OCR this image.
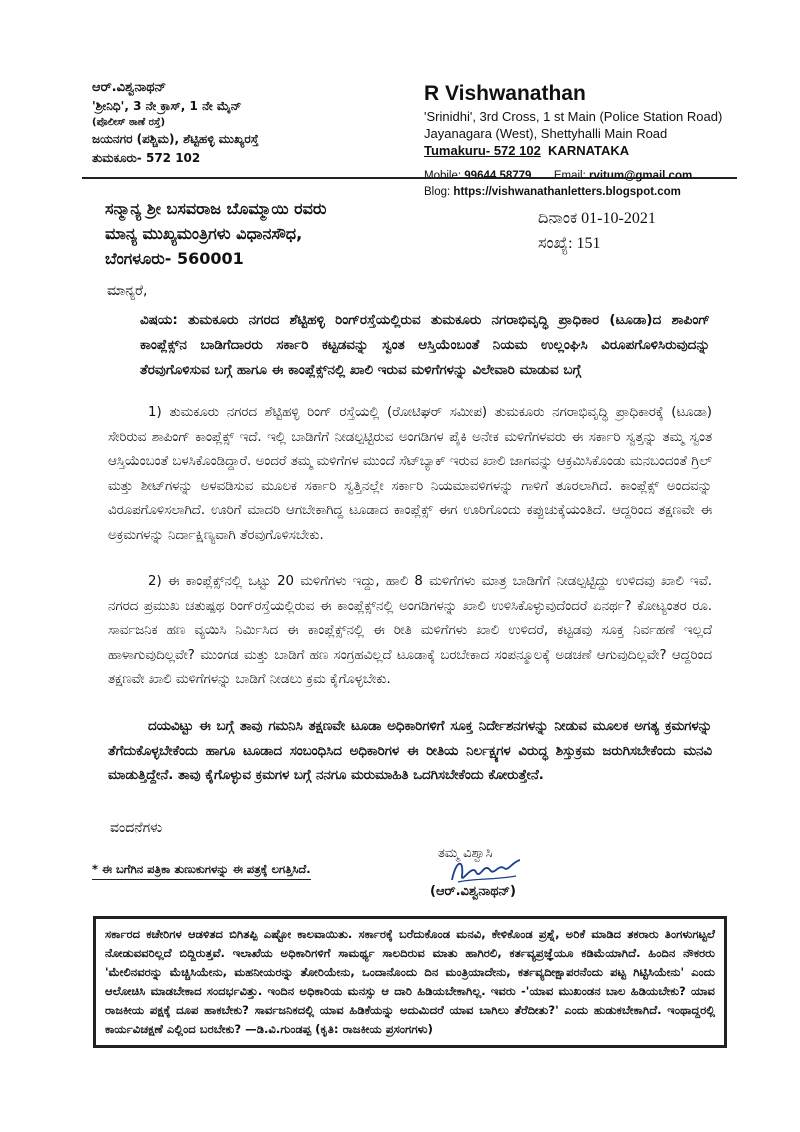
ಆರ್.ವಿಶ್ವನಾಥನ್
'ಶ್ರೀನಿಧಿ', 3 ನೇ ಕ್ರಾಸ್, 1 ನೇ ಮೈನ್
(ಪೊಲೀಸ್ ಠಾಣೆ ರಸ್ತೆ)
ಜಯನಗರ (ಪಶ್ಚಿಮ), ಶೆಟ್ಟಿಹಳ್ಳಿ ಮುಖ್ಯರಸ್ತೆ
ತುಮಕೂರು- 572 102
R Vishwanathan
'Srinidhi', 3rd Cross, 1 st Main (Police Station Road)
Jayanagara (West), Shettyhalli Main Road
Tumakuru- 572 102 KARNATAKA
Mobile: 99644 58779 Email: rvitum@gmail.com
Blog: https://vishwanathanletters.blogspot.com
ಸನ್ಮಾನ್ಯ ಶ್ರೀ ಬಸವರಾಜ ಬೊಮ್ಮಾಯಿ ರವರು
ಮಾನ್ಯ ಮುಖ್ಯಮಂತ್ರಿಗಳು ವಿಧಾನಸೌಧ,
ಬೆಂಗಳೂರು- 560001
ದಿನಾಂಕ 01-10-2021
ಸಂಖ್ಯೆ: 151
ಮಾನ್ಯರೆ,
ವಿಷಯ: ತುಮಕೂರು ನಗರದ ಶೆಟ್ಟಿಹಳ್ಳಿ ರಿಂಗ್‌ರಸ್ತೆಯಲ್ಲಿರುವ ತುಮಕೂರು ನಗರಾಭಿವೃದ್ಧಿ ಪ್ರಾಧಿಕಾರ (ಟೂಡಾ)ದ ಶಾಪಿಂಗ್ ಕಾಂಪ್ಲೆಕ್ಸ್‌ನ ಬಾಡಿಗೆದಾರರು ಸರ್ಕಾರಿ ಕಟ್ಟಡವನ್ನು ಸ್ವಂತ ಆಸ್ತಿಯೆಂಬಂತೆ ನಿಯಮ ಉಲ್ಲಂಘಿಸಿ ವಿರೂಪಗೊಳಿಸಿರುವುದನ್ನು ತೆರವುಗೊಳಿಸುವ ಬಗ್ಗೆ ಹಾಗೂ ಈ ಕಾಂಪ್ಲೆಕ್ಸ್‌ನಲ್ಲಿ ಖಾಲಿ ಇರುವ ಮಳಿಗೆಗಳನ್ನು ವಿಲೇವಾರಿ ಮಾಡುವ ಬಗ್ಗೆ
1) ತುಮಕೂರು ನಗರದ ಶೆಟ್ಟಿಹಳ್ಳಿ ರಿಂಗ್ ರಸ್ತೆಯಲ್ಲಿ (ರೋಟಿಘರ್ ಸಮೀಪ) ತುಮಕೂರು ನಗರಾಭಿವೃದ್ಧಿ ಪ್ರಾಧಿಕಾರಕ್ಕೆ (ಟೂಡಾ) ಸೇರಿರುವ ಶಾಪಿಂಗ್ ಕಾಂಪ್ಲೆಕ್ಸ್ ಇದೆ. ಇಲ್ಲಿ ಬಾಡಿಗೆಗೆ ನೀಡಲ್ಪಟ್ಟಿರುವ ಅಂಗಡಿಗಳ ಪೈಕಿ ಅನೇಕ ಮಳಿಗೆಗಳವರು ಈ ಸರ್ಕಾರಿ ಸ್ವತ್ತನ್ನು ತಮ್ಮ ಸ್ವಂತ ಆಸ್ತಿಯೆಂಬಂತೆ ಬಳಸಿಕೊಂಡಿದ್ದಾರೆ. ಅಂದರೆ ತಮ್ಮ ಮಳಿಗೆಗಳ ಮುಂದೆ ಸೆಟ್‌ಬ್ಯಾಕ್ ಇರುವ ಖಾಲಿ ಜಾಗವನ್ನು ಆಕ್ರಮಿಸಿಕೊಂಡು ಮನಬಂದಂತೆ ಗ್ರಿಲ್ ಮತ್ತು ಶೀಟ್‌ಗಳನ್ನು ಅಳವಡಿಸುವ ಮೂಲಕ ಸರ್ಕಾರಿ ಸ್ವತ್ತಿನಲ್ಲೇ ಸರ್ಕಾರಿ ನಿಯಮಾವಳಿಗಳನ್ನು ಗಾಳಿಗೆ ತೂರಲಾಗಿದೆ. ಕಾಂಪ್ಲೆಕ್ಸ್ ಅಂದವನ್ನು ವಿರೂಪಗೊಳಿಸಲಾಗಿದೆ. ಊರಿಗೆ ಮಾದರಿ ಆಗಬೇಕಾಗಿದ್ದ ಟೂಡಾದ ಕಾಂಪ್ಲೆಕ್ಸ್ ಈಗ ಊರಿಗೊಂದು ಕಪ್ಪುಚುಕ್ಕೆಯಂತಿದೆ. ಆದ್ದರಿಂದ ತಕ್ಷಣವೇ ಈ ಅಕ್ರಮಗಳನ್ನು ನಿರ್ದಾಕ್ಷಿಣ್ಯವಾಗಿ ತೆರವುಗೊಳಿಸಬೇಕು.
2) ಈ ಕಾಂಪ್ಲೆಕ್ಸ್‌ನಲ್ಲಿ ಒಟ್ಟು 20 ಮಳಿಗೆಗಳು ಇದ್ದು, ಹಾಲಿ 8 ಮಳಿಗೆಗಳು ಮಾತ್ರ ಬಾಡಿಗೆಗೆ ನೀಡಲ್ಪಟ್ಟಿದ್ದು ಉಳಿದವು ಖಾಲಿ ಇವೆ. ನಗರದ ಪ್ರಮುಖ ಚತುಷ್ಪಥ ರಿಂಗ್‌ರಸ್ತೆಯಲ್ಲಿರುವ ಈ ಕಾಂಪ್ಲೆಕ್ಸ್‌ನಲ್ಲಿ ಅಂಗಡಿಗಳನ್ನು ಖಾಲಿ ಉಳಿಸಿಕೊಳ್ಳುವುದೆಂದರೆ ಏನರ್ಥ? ಕೋಟ್ಯಂತರ ರೂ. ಸಾರ್ವಜನಿಕ ಹಣ ವ್ಯಯಿಸಿ ನಿರ್ಮಿಸಿದ ಈ ಕಾಂಪ್ಲೆಕ್ಸ್‌ನಲ್ಲಿ ಈ ರೀತಿ ಮಳಿಗೆಗಳು ಖಾಲಿ ಉಳಿದರೆ, ಕಟ್ಟಡವು ಸೂಕ್ತ ನಿರ್ವಹಣೆ ಇಲ್ಲದೆ ಹಾಳಾಗುವುದಿಲ್ಲವೇ? ಮುಂಗಡ ಮತ್ತು ಬಾಡಿಗೆ ಹಣ ಸಂಗ್ರಹವಿಲ್ಲದೆ ಟೂಡಾಕ್ಕೆ ಬರಬೇಕಾದ ಸಂಪನ್ಮೂಲಕ್ಕೆ ಅಡಚಣೆ ಆಗುವುದಿಲ್ಲವೇ? ಆದ್ದರಿಂದ ತಕ್ಷಣವೇ ಖಾಲಿ ಮಳಿಗೆಗಳನ್ನು ಬಾಡಿಗೆ ನೀಡಲು ಕ್ರಮ ಕೈಗೊಳ್ಳಬೇಕು.
ದಯವಿಟ್ಟು ಈ ಬಗ್ಗೆ ತಾವು ಗಮನಿಸಿ ತಕ್ಷಣವೇ ಟೂಡಾ ಅಧಿಕಾರಿಗಳಿಗೆ ಸೂಕ್ತ ನಿರ್ದೇಶನಗಳನ್ನು ನೀಡುವ ಮೂಲಕ ಅಗತ್ಯ ಕ್ರಮಗಳನ್ನು ತೆಗೆದುಕೊಳ್ಳಬೇಕೆಂದು ಹಾಗೂ ಟೂಡಾದ ಸಂಬಂಧಿಸಿದ ಅಧಿಕಾರಿಗಳ ಈ ರೀತಿಯ ನಿರ್ಲಕ್ಷ್ಯಗಳ ವಿರುದ್ಧ ಶಿಸ್ತುಕ್ರಮ ಜರುಗಿಸಬೇಕೆಂದು ಮನವಿ ಮಾಡುತ್ತಿದ್ದೇನೆ. ತಾವು ಕೈಗೊಳ್ಳುವ ಕ್ರಮಗಳ ಬಗ್ಗೆ ನನಗೂ ಮರುಮಾಹಿತಿ ಒದಗಿಸಬೇಕೆಂದು ಕೋರುತ್ತೇನೆ.
ವಂದನೆಗಳು
ತಮ್ಮ ವಿಶ್ವಾಸಿ
* ಈ ಬಗೆಗಿನ ಪತ್ರಿಕಾ ತುಣುಕುಗಳನ್ನು ಈ ಪತ್ರಕ್ಕೆ ಲಗತ್ತಿಸಿದೆ.
(ಆರ್.ವಿಶ್ವನಾಥನ್)
ಸರ್ಕಾರದ ಕಚೇರಿಗಳ ಆಡಳಿತದ ಬಿಗಿತಪ್ಪಿ ಎಷ್ಟೋ ಕಾಲವಾಯಿತು. ಸರ್ಕಾರಕ್ಕೆ ಬರೆದುಕೊಂಡ ಮನವಿ, ಕೇಳಿಕೊಂಡ ಪ್ರಶ್ನೆ, ಅರಿಕೆ ಮಾಡಿದ ತಕರಾರು ತಿಂಗಳುಗಟ್ಟಲೆ ನೋಡುವವರಿಲ್ಲದೆ ಬಿದ್ದಿರುತ್ತವೆ. ಇಲಾಖೆಯ ಅಧಿಕಾರಿಗಳಿಗೆ ಸಾಮರ್ಥ್ಯ ಸಾಲದಿರುವ ಮಾತು ಹಾಗಿರಲಿ, ಕರ್ತವ್ಯಪ್ರಜ್ಞೆಯೂ ಕಡಿಮೆಯಾಗಿದೆ. ಹಿಂದಿನ ನೌಕರರು 'ಮೇಲಿನವರನ್ನು ಮೆಚ್ಚಿಸಿಯೇನು, ಮಹನೀಯರನ್ನು ತೋರಿಯೇನು, ಒಂದಾನೊಂದು ದಿನ ಮಂತ್ರಿಯಾದೇನು, ಕರ್ತವ್ಯದೀಕ್ಷಾಪರನೆಂದು ಪಟ್ಟ ಗಿಟ್ಟಿಸಿಯೇನು' ಎಂದು ಆಲೋಚಿಸಿ ಮಾಡಬೇಕಾದ ಸಂದರ್ಭವಿತ್ತು. ಇಂದಿನ ಅಧಿಕಾರಿಯ ಮನಸ್ಸು ಆ ದಾರಿ ಹಿಡಿಯಬೇಕಾಗಿಲ್ಲ. ಇವರು -'ಯಾವ ಮುಖಂಡನ ಬಾಲ ಹಿಡಿಯಬೇಕು? ಯಾವ ರಾಜಕೀಯ ಪಕ್ಷಕ್ಕೆ ದೂಪ ಹಾಕಬೇಕು? ಸಾರ್ವಜನಿಕದಲ್ಲಿ ಯಾವ ಹಿಡಿಕೆಯನ್ನು ಅದುಮಿದರೆ ಯಾವ ಬಾಗಿಲು ತೆರೆದೀತು?' ಎಂದು ಹುಡುಕಬೇಕಾಗಿದೆ. ಇಂಥಾದ್ದರಲ್ಲಿ ಕಾರ್ಯವಿಚಕ್ಷಣೆ ಎಲ್ಲಿಂದ ಬರಬೇಕು? —ಡಿ.ವಿ.ಗುಂಡಪ್ಪ (ಕೃತಿ: ರಾಜಕೀಯ ಪ್ರಸಂಗಗಳು)
